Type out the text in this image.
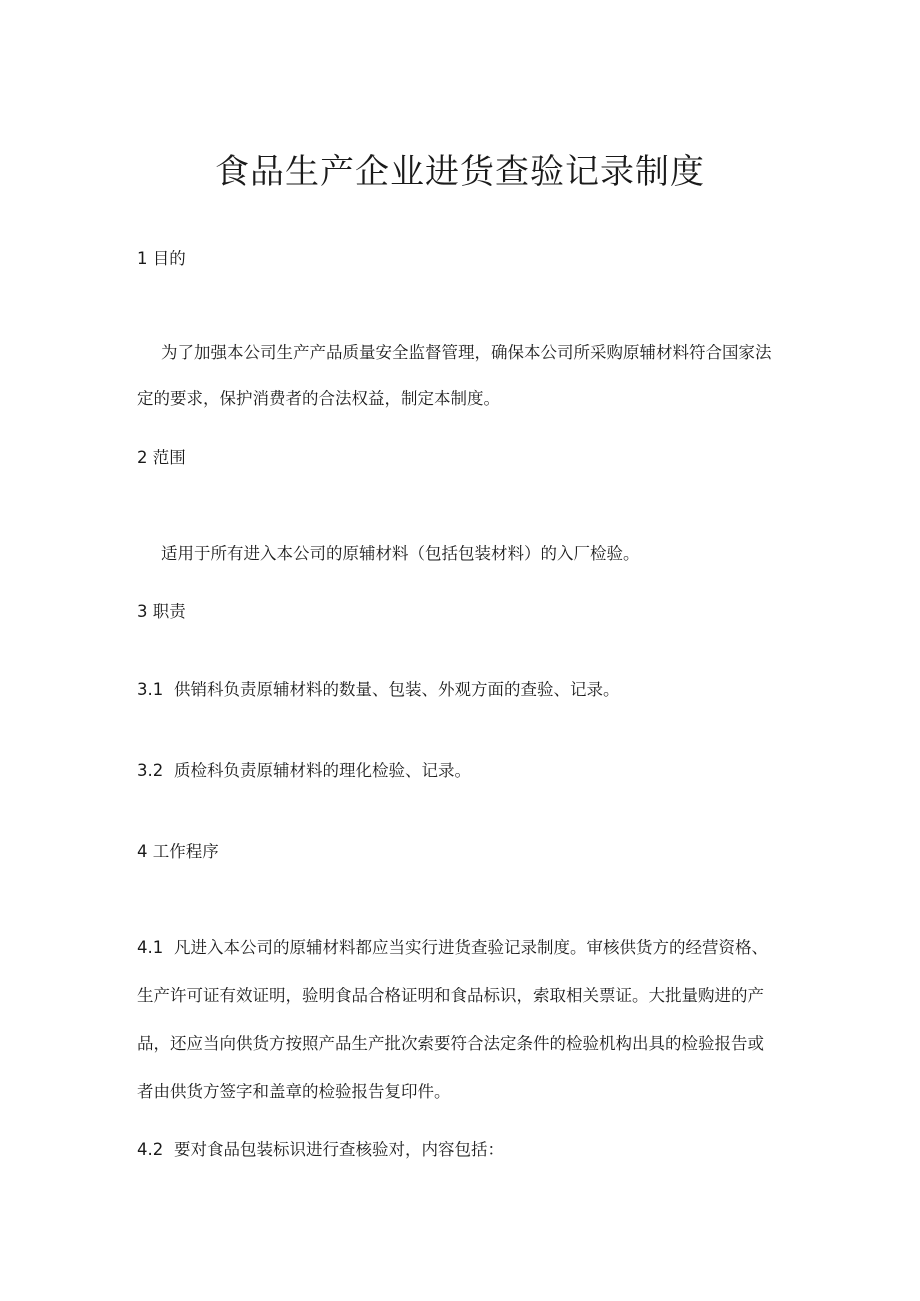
食品生产企业进货查验记录制度

1 目的

为了加强本公司生产产品质量安全监督管理，确保本公司所采购原辅材料符合国家法

定的要求，保护消费者的合法权益，制定本制度。

2 范围

适用于所有进入本公司的原辅材料（包括包装材料）的入厂检验。

3 职责

3.1 供销科负责原辅材料的数量、包装、外观方面的查验、记录。

3.2 质检科负责原辅材料的理化检验、记录。

4 工作程序

4.1 凡进入本公司的原辅材料都应当实行进货查验记录制度。审核供货方的经营资格、

生产许可证有效证明，验明食品合格证明和食品标识，索取相关票证。大批量购进的产

品，还应当向供货方按照产品生产批次索要符合法定条件的检验机构出具的检验报告或

者由供货方签字和盖章的检验报告复印件。

4.2 要对食品包装标识进行查核验对，内容包括：
